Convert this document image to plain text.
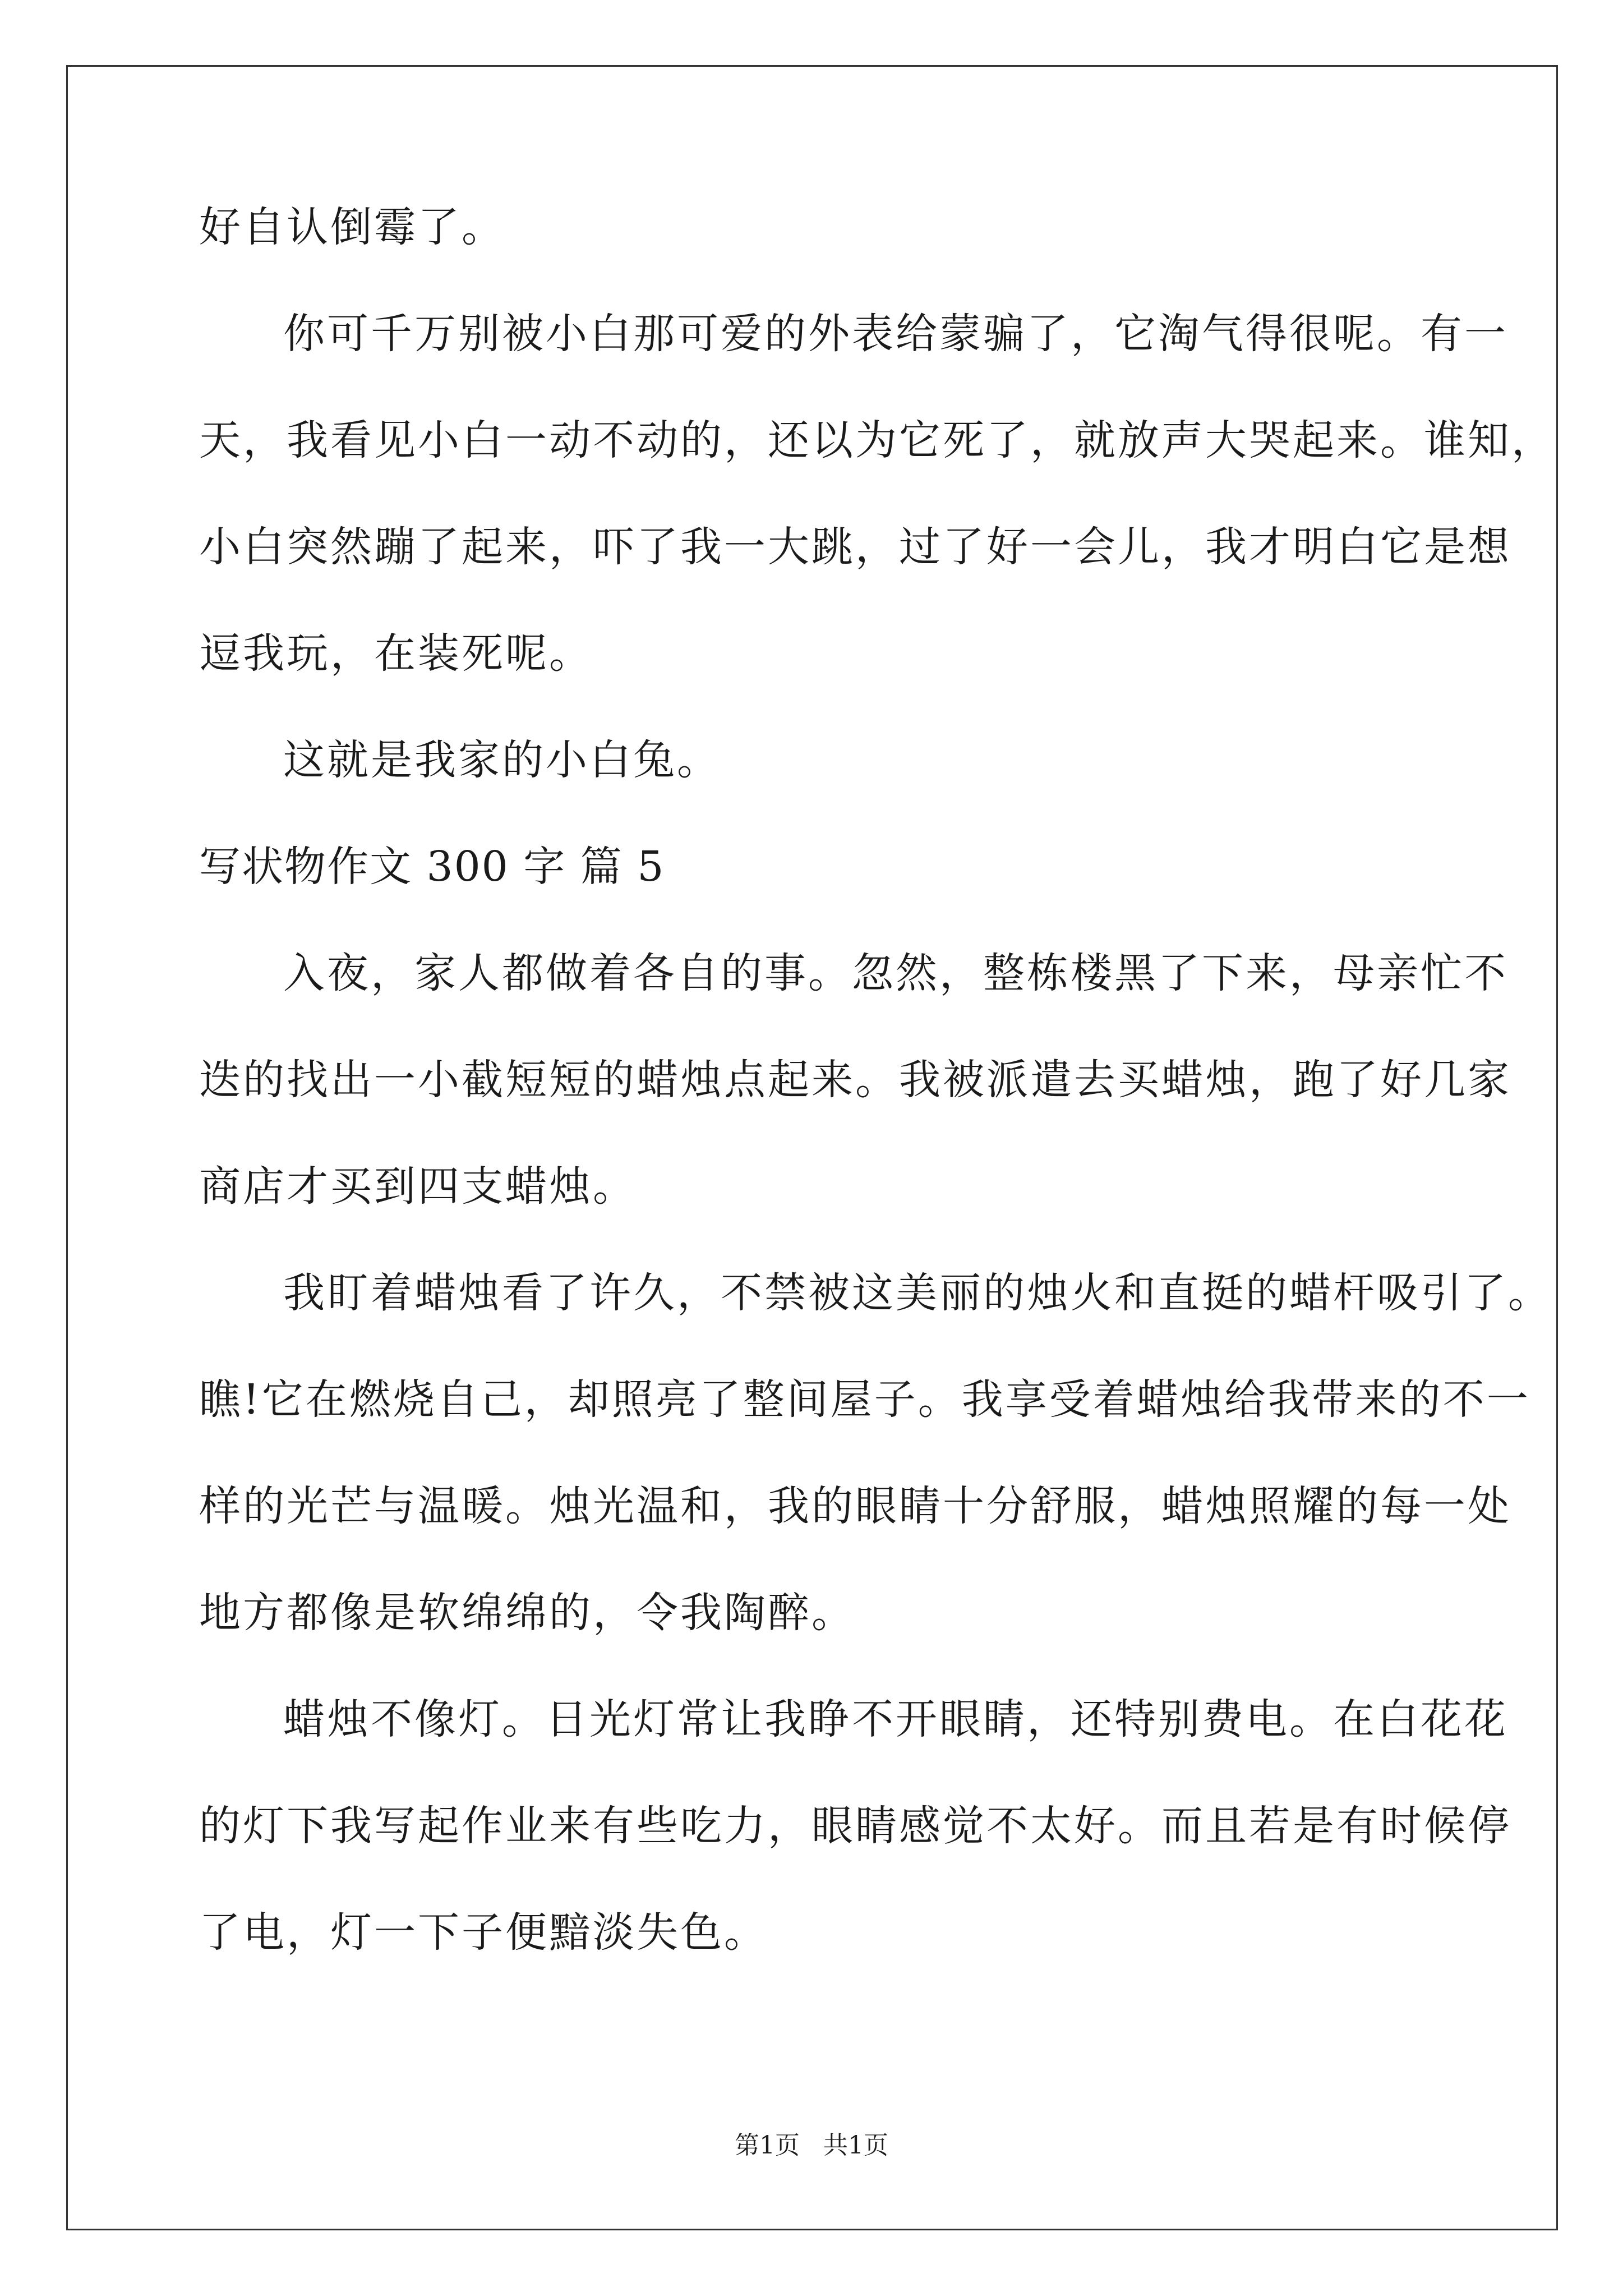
好自认倒霉了。
你可千万别被小白那可爱的外表给蒙骗了，它淘气得很呢。有一
天，我看见小白一动不动的，还以为它死了，就放声大哭起来。谁知，
小白突然蹦了起来，吓了我一大跳，过了好一会儿，我才明白它是想
逗我玩，在装死呢。
这就是我家的小白兔。
写状物作文 300 字 篇 5
入夜，家人都做着各自的事。忽然，整栋楼黑了下来，母亲忙不
迭的找出一小截短短的蜡烛点起来。我被派遣去买蜡烛，跑了好几家
商店才买到四支蜡烛。
我盯着蜡烛看了许久，不禁被这美丽的烛火和直挺的蜡杆吸引了。
瞧!它在燃烧自己，却照亮了整间屋子。我享受着蜡烛给我带来的不一
样的光芒与温暖。烛光温和，我的眼睛十分舒服，蜡烛照耀的每一处
地方都像是软绵绵的，令我陶醉。
蜡烛不像灯。日光灯常让我睁不开眼睛，还特别费电。在白花花
的灯下我写起作业来有些吃力，眼睛感觉不太好。而且若是有时候停
了电，灯一下子便黯淡失色。
第1页   共1页
